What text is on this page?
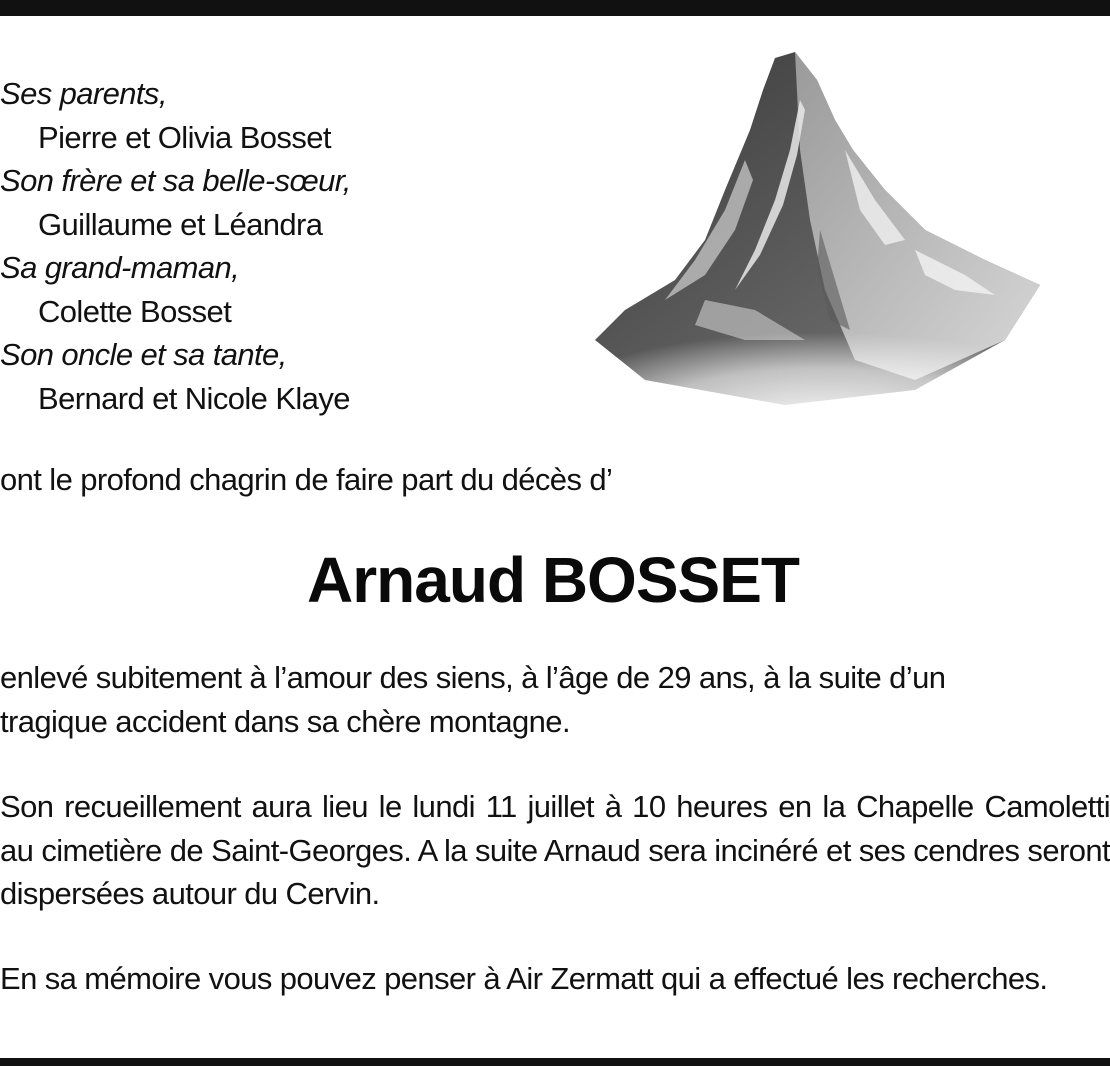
Ses parents,
Pierre et Olivia Bosset
Son frère et sa belle-sœur,
Guillaume et Léandra
Sa grand-maman,
Colette Bosset
Son oncle et sa tante,
Bernard et Nicole Klaye
ont le profond chagrin de faire part du décès d’
Arnaud BOSSET

enlevé subitement à l’amour des siens, à l’âge de 29 ans, à la suite d’un tragique accident dans sa chère montagne.

Son recueillement aura lieu le lundi 11 juillet à 10 heures en la Chapelle Camoletti au cimetière de Saint-Georges. A la suite Arnaud sera incinéré et ses cendres seront dispersées autour du Cervin.

En sa mémoire vous pouvez penser à Air Zermatt qui a effectué les recherches.
